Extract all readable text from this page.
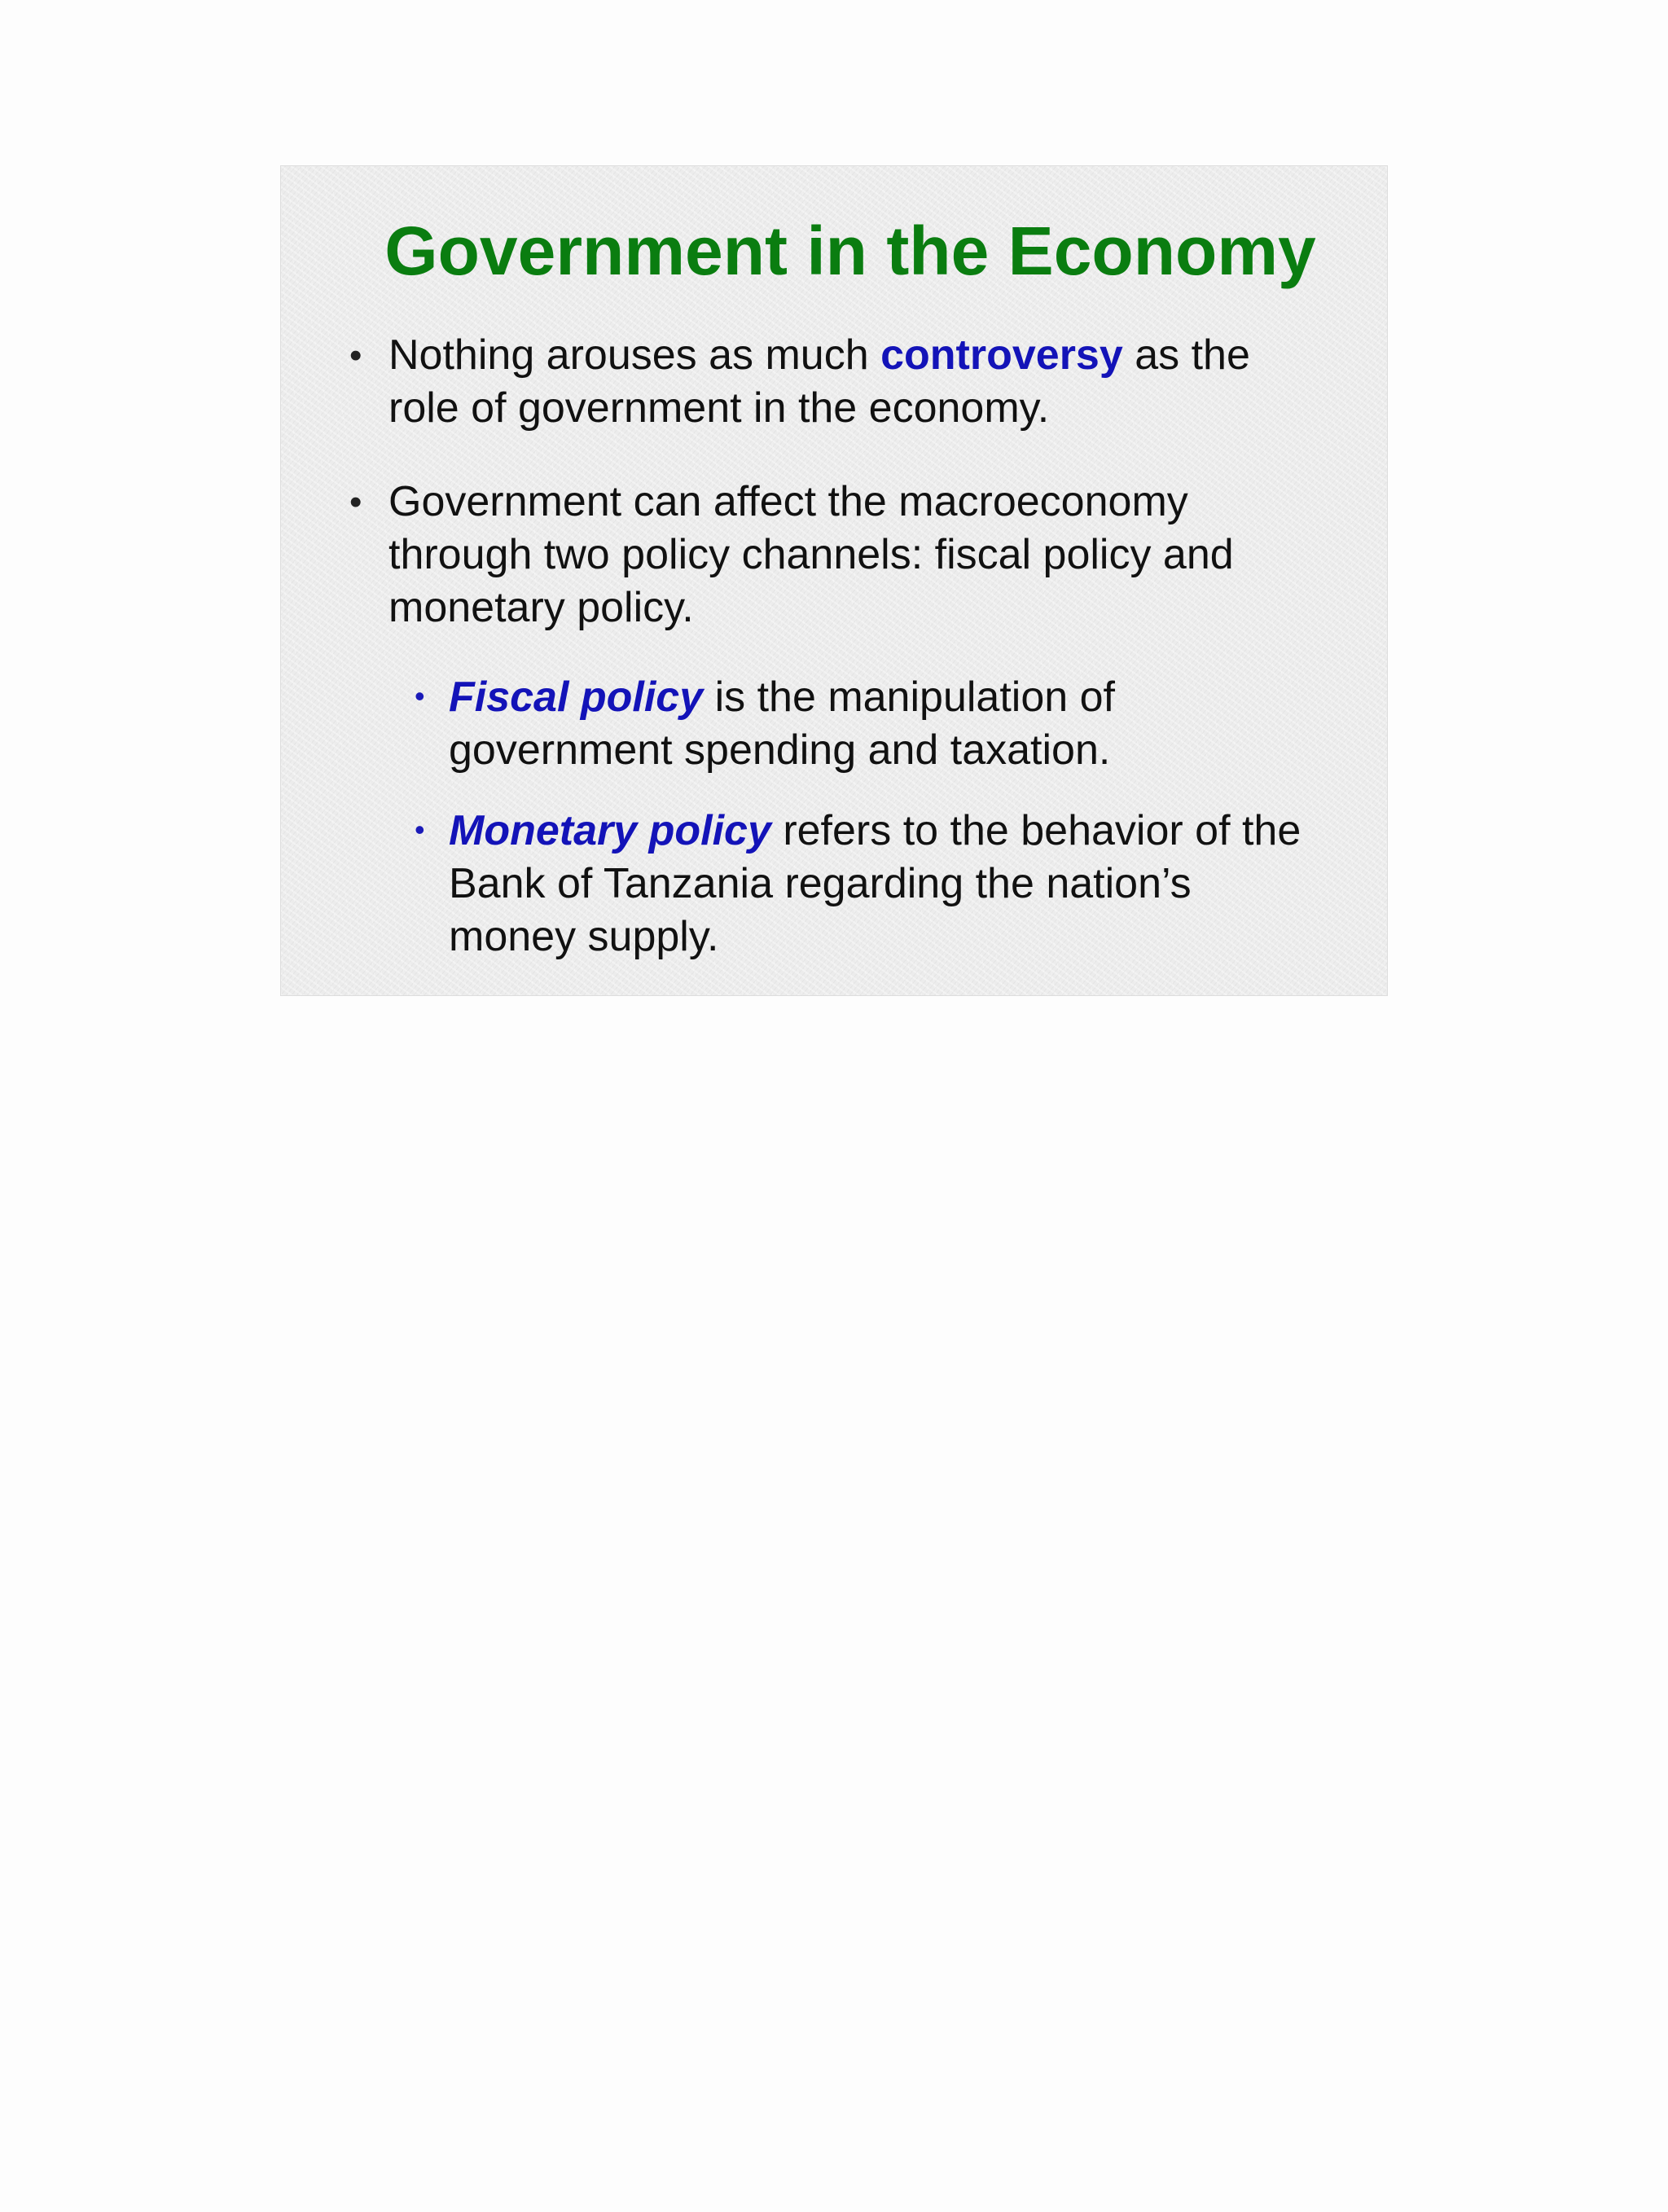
Government in the Economy
• Nothing arouses as much controversy as the role of government in the economy.
• Government can affect the macroeconomy through two policy channels: fiscal policy and monetary policy.
• Fiscal policy is the manipulation of government spending and taxation.
• Monetary policy refers to the behavior of the Bank of Tanzania regarding the nation’s money supply.
